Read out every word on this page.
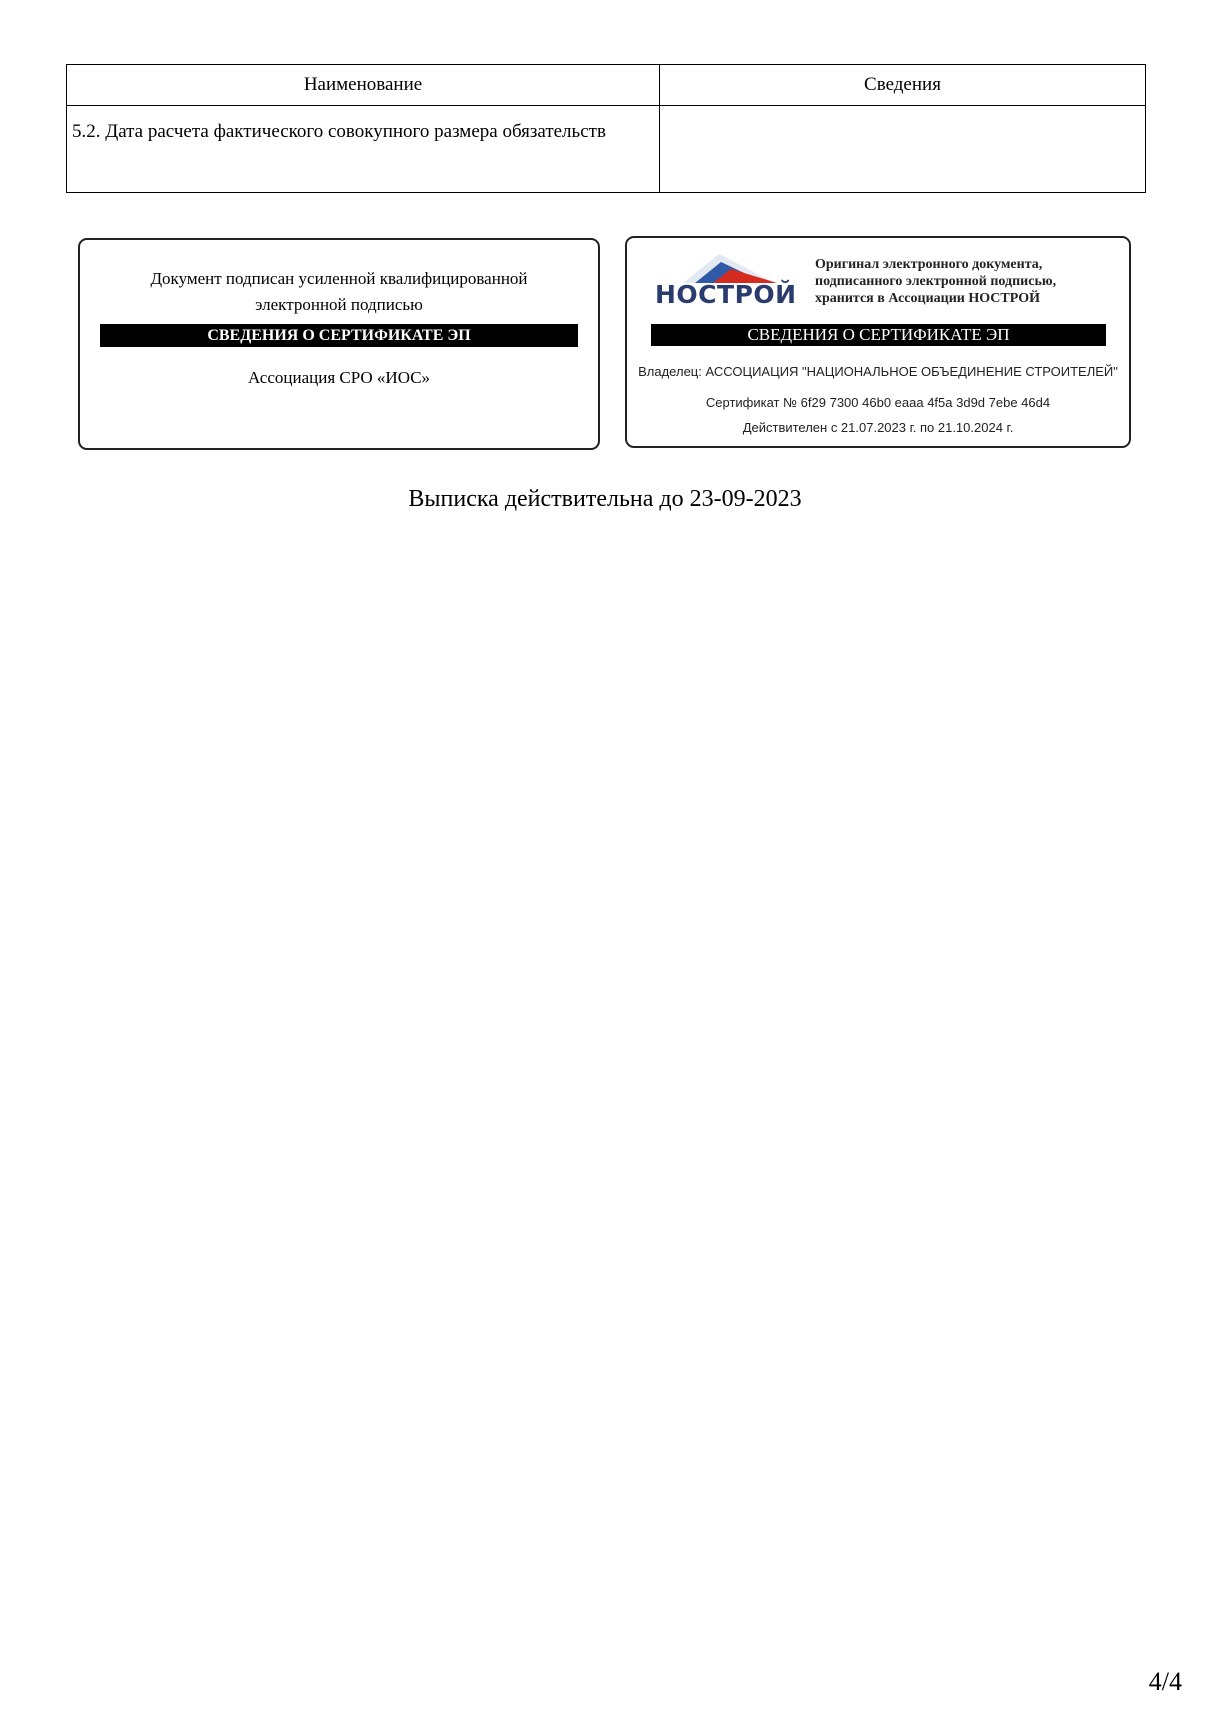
Наименование	Сведения
5.2. Дата расчета фактического совокупного размера обязательств	
Документ подписан усиленной квалифицированной
электронной подписью
СВЕДЕНИЯ О СЕРТИФИКАТЕ ЭП
Ассоциация СРО «ИОС»
НОСТРОЙ
Оригинал электронного документа,
подписанного электронной подписью,
хранится в Ассоциации НОСТРОЙ
СВЕДЕНИЯ О СЕРТИФИКАТЕ ЭП
Владелец: АССОЦИАЦИЯ "НАЦИОНАЛЬНОЕ ОБЪЕДИНЕНИЕ СТРОИТЕЛЕЙ"
Сертификат № 6f29 7300 46b0 eaaa 4f5a 3d9d 7ebe 46d4
Действителен с 21.07.2023 г. по 21.10.2024 г.
Выписка действительна до 23-09-2023
4/4
